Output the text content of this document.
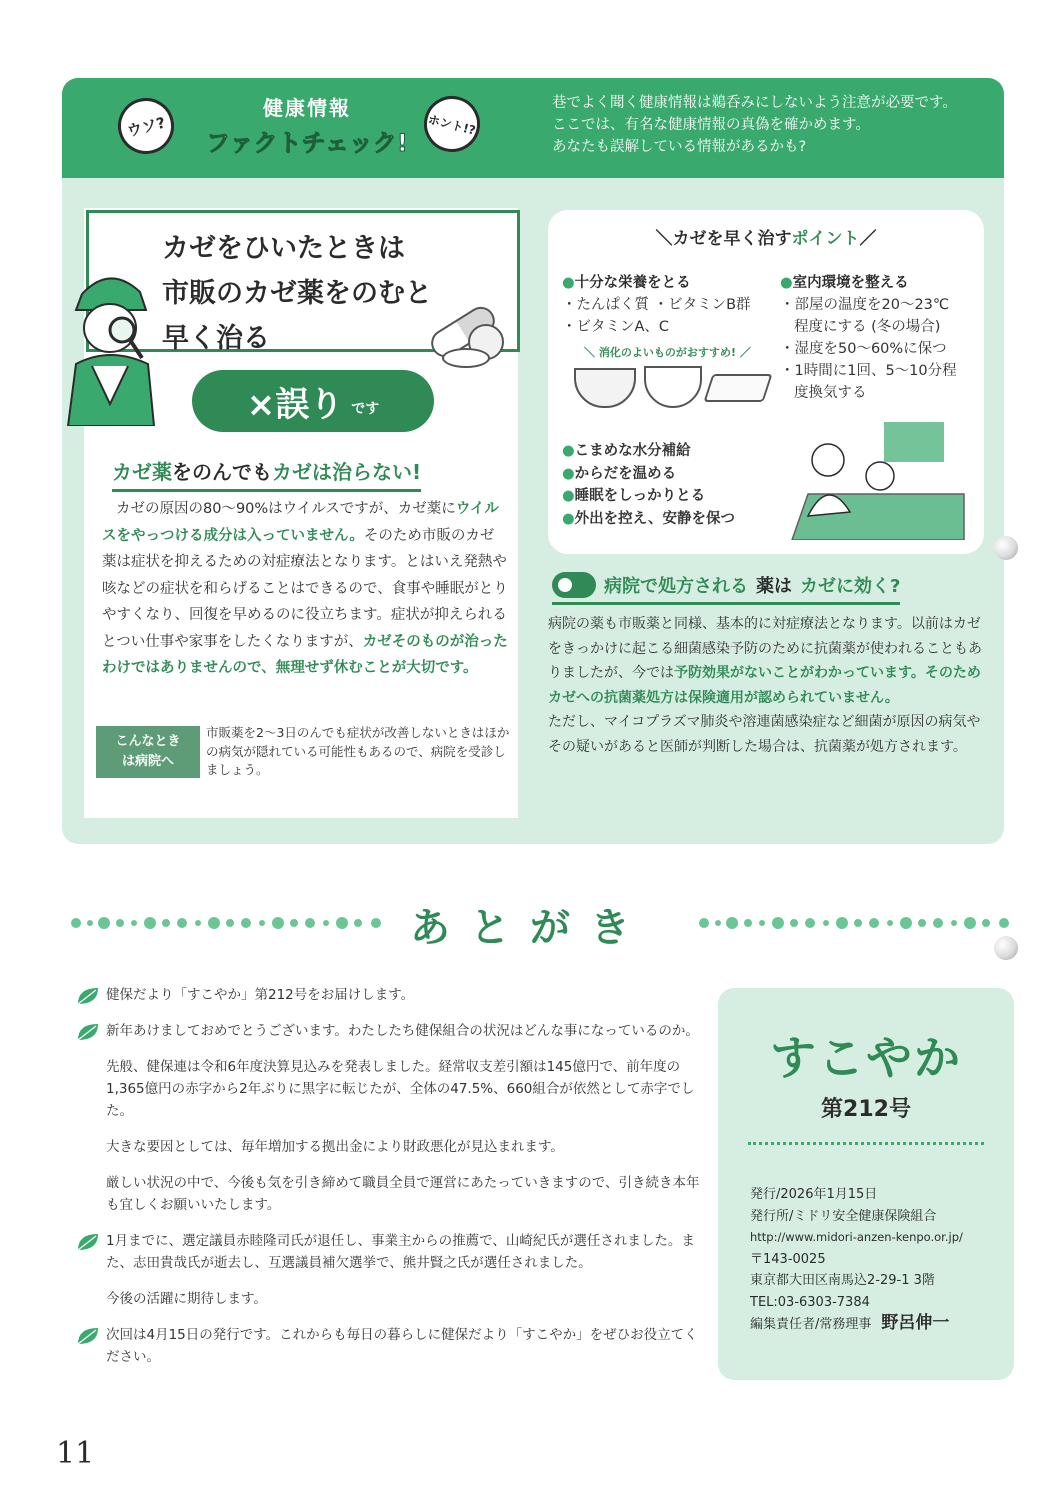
ウソ?
健康情報
ファクトチェック!
ホント!?
巷でよく聞く健康情報は鵜呑みにしないよう注意が必要です。
ここでは、有名な健康情報の真偽を確かめます。
あなたも誤解している情報があるかも?
カゼをひいたときは
市販のカゼ薬をのむと
早く治る
×誤り です
カゼ薬をのんでもカゼは治らない!
カゼの原因の80〜90%はウイルスですが、カゼ薬にウイルスをやっつける成分は入っていません。そのため市販のカゼ薬は症状を抑えるための対症療法となります。とはいえ発熱や咳などの症状を和らげることはできるので、食事や睡眠がとりやすくなり、回復を早めるのに役立ちます。症状が抑えられるとつい仕事や家事をしたくなりますが、カゼそのものが治ったわけではありませんので、無理せず休むことが大切です。
こんなとき
は病院へ
市販薬を2〜3日のんでも症状が改善しないときはほかの病気が隠れている可能性もあるので、病院を受診しましょう。
＼カゼを早く治すポイント／
●十分な栄養をとる
・たんぱく質 ・ビタミンB群
・ビタミンA、C
＼ 消化のよいものがおすすめ! ／
●室内環境を整える
・部屋の温度を20〜23℃
程度にする (冬の場合)
・湿度を50〜60%に保つ
・1時間に1回、5〜10分程
度換気する
●こまめな水分補給
●からだを温める
●睡眠をしっかりとる
●外出を控え、安静を保つ
病院で処方される 薬は カゼに効く?
病院の薬も市販薬と同様、基本的に対症療法となります。以前はカゼをきっかけに起こる細菌感染予防のために抗菌薬が使われることもありましたが、今では予防効果がないことがわかっています。そのためカゼへの抗菌薬処方は保険適用が認められていません。
ただし、マイコプラズマ肺炎や溶連菌感染症など細菌が原因の病気やその疑いがあると医師が判断した場合は、抗菌薬が処方されます。
あとがき
健保だより「すこやか」第212号をお届けします。
新年あけましておめでとうございます。わたしたち健保組合の状況はどんな事になっているのか。
先般、健保連は令和6年度決算見込みを発表しました。経常収支差引額は145億円で、前年度の1,365億円の赤字から2年ぶりに黒字に転じたが、全体の47.5%、660組合が依然として赤字でした。
大きな要因としては、毎年増加する拠出金により財政悪化が見込まれます。
厳しい状況の中で、今後も気を引き締めて職員全員で運営にあたっていきますので、引き続き本年も宜しくお願いいたします。
1月までに、選定議員赤睦隆司氏が退任し、事業主からの推薦で、山崎紀氏が選任されました。また、志田貴哉氏が逝去し、互選議員補欠選挙で、熊井賢之氏が選任されました。
今後の活躍に期待します。
次回は4月15日の発行です。これからも毎日の暮らしに健保だより「すこやか」をぜひお役立てください。
すこやか
第212号
発行/2026年1月15日
発行所/ミドリ安全健康保険組合
http://www.midori-anzen-kenpo.or.jp/
〒143-0025
東京都大田区南馬込2-29-1 3階
TEL:03-6303-7384
編集責任者/常務理事 野呂伸一
11
